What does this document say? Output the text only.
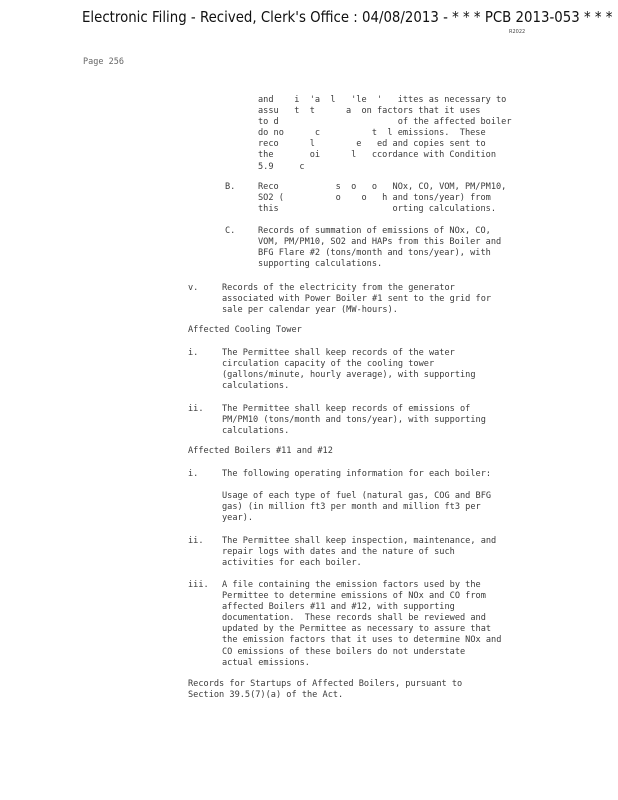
Electronic Filing - Recived, Clerk's Office : 04/08/2013 - * * * PCB 2013-053 * * *
R2022
Page 256
and    i  'a  l   'le  '   ittes as necessary to
assu   t  t      a  on factors that it uses
to d                       of the affected boiler
do no      c          t  l emissions.  These
reco      l        e   ed and copies sent to
the       oi      l   ccordance with Condition
5.9     c
B.	Reco           s  o   o   NOx, CO, VOM, PM/PM10,
SO2 (          o    o   h and tons/year) from
this                      orting calculations.
C.	Records of summation of emissions of NOx, CO,
VOM, PM/PM10, SO2 and HAPs from this Boiler and
BFG Flare #2 (tons/month and tons/year), with
supporting calculations.
v.	Records of the electricity from the generator
associated with Power Boiler #1 sent to the grid for
sale per calendar year (MW-hours).
Affected Cooling Tower
i.	The Permittee shall keep records of the water
circulation capacity of the cooling tower
(gallons/minute, hourly average), with supporting
calculations.
ii. The Permittee shall keep records of emissions of
PM/PM10 (tons/month and tons/year), with supporting
calculations.
Affected Boilers #11 and #12
i.	The following operating information for each boiler:
Usage of each type of fuel (natural gas, COG and BFG
gas) (in million ft3 per month and million ft3 per
year).
ii. The Permittee shall keep inspection, maintenance, and
repair logs with dates and the nature of such
activities for each boiler.
iii. A file containing the emission factors used by the
Permittee to determine emissions of NOx and CO from
affected Boilers #11 and #12, with supporting
documentation.  These records shall be reviewed and
updated by the Permittee as necessary to assure that
the emission factors that it uses to determine NOx and
CO emissions of these boilers do not understate
actual emissions.
Records for Startups of Affected Boilers, pursuant to
Section 39.5(7)(a) of the Act.
